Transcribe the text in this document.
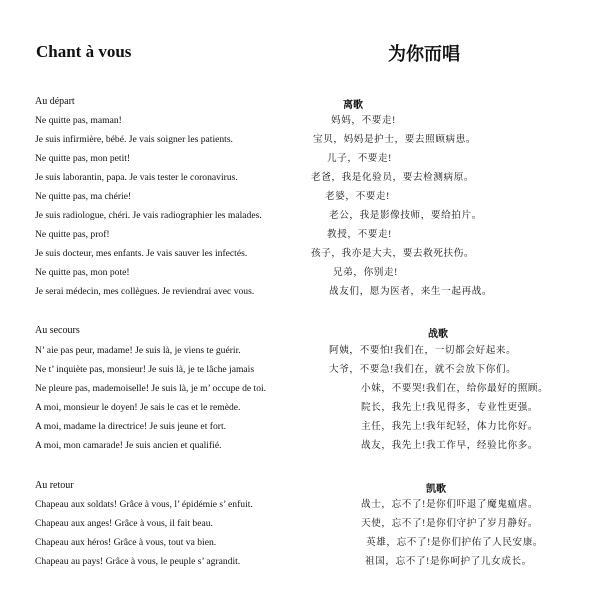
Chant à vous	为你而唱
Au départ	离歌
Ne quitte pas, maman!	妈妈，不要走!
Je suis infirmière, bébé. Je vais soigner les patients.	宝贝，妈妈是护士，要去照顾病患。
Ne quitte pas, mon petit!	儿子，不要走!
Je suis laborantin, papa. Je vais tester le coronavirus.	老爸，我是化验员，要去检测病原。
Ne quitte pas, ma chérie!	老婆，不要走!
Je suis radiologue, chéri. Je vais radiographier les malades.	老公，我是影像技师，要给拍片。
Ne quitte pas, prof!	教授，不要走!
Je suis docteur, mes enfants. Je vais sauver les infectés.	孩子，我亦是大夫，要去救死扶伤。
Ne quitte pas, mon pote!	兄弟，你别走!
Je serai médecin, mes collègues. Je reviendrai avec vous.	战友们，愿为医者，来生一起再战。
Au secours	战歌
N’ aie pas peur, madame! Je suis là, je viens te guérir.	阿姨，不要怕!我们在，一切都会好起来。
Ne t’ inquiète pas, monsieur! Je suis là, je te lâche jamais	大爷，不要急!我们在，就不会放下你们。
Ne pleure pas, mademoiselle! Je suis là, je m’ occupe de toi.	小妹，不要哭!我们在，给你最好的照顾。
A moi, monsieur le doyen! Je sais le cas et le remède.	院长，我先上!我见得多，专业性更强。
A moi, madame la directrice! Je suis jeune et fort.	主任，我先上!我年纪轻，体力比你好。
A moi, mon camarade! Je suis ancien et qualifié.	战友，我先上!我工作早，经验比你多。
Au retour	凯歌
Chapeau aux soldats! Grâce à vous, l’ épidémie s’ enfuit.	战士，忘不了!是你们吓退了魔鬼瘟虐。
Chapeau aux anges! Grâce à vous, il fait beau.	天使，忘不了!是你们守护了岁月静好。
Chapeau aux héros! Grâce à vous, tout va bien.	英雄，忘不了!是你们护佑了人民安康。
Chapeau au pays! Grâce à vous, le peuple s’ agrandit.	祖国，忘不了!是你呵护了儿女成长。
